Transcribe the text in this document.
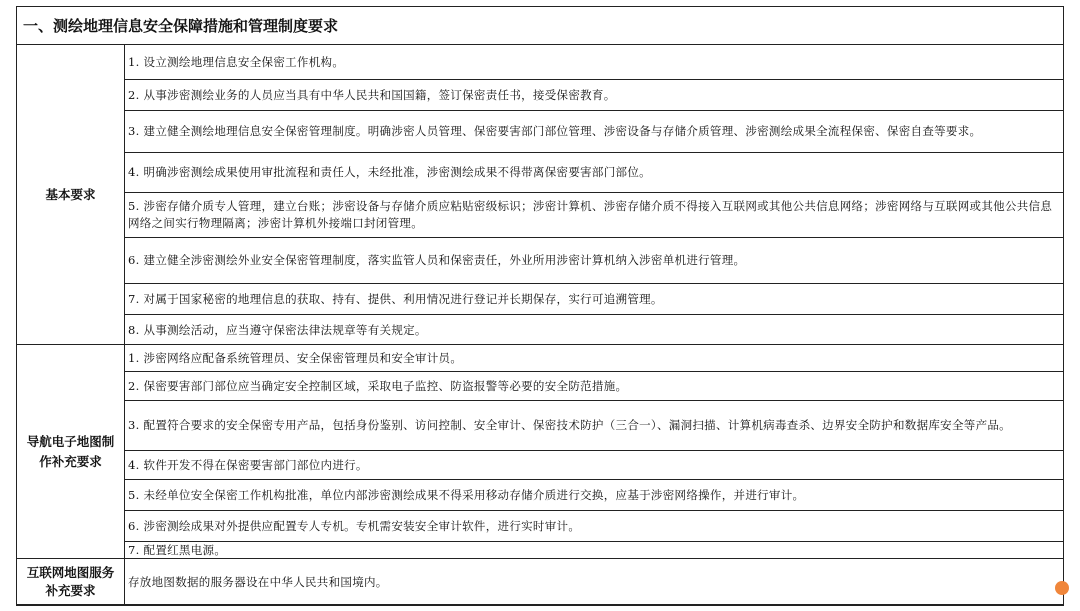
一、测绘地理信息安全保障措施和管理制度要求
基本要求
1. 设立测绘地理信息安全保密工作机构。
2. 从事涉密测绘业务的人员应当具有中华人民共和国国籍，签订保密责任书，接受保密教育。
3. 建立健全测绘地理信息安全保密管理制度。明确涉密人员管理、保密要害部门部位管理、涉密设备与存储介质管理、涉密测绘成果全流程保密、保密自查等要求。
4. 明确涉密测绘成果使用审批流程和责任人，未经批准，涉密测绘成果不得带离保密要害部门部位。
5. 涉密存储介质专人管理，建立台账；涉密设备与存储介质应粘贴密级标识；涉密计算机、涉密存储介质不得接入互联网或其他公共信息网络；涉密网络与互联网或其他公共信息网络之间实行物理隔离；涉密计算机外接端口封闭管理。
6. 建立健全涉密测绘外业安全保密管理制度，落实监管人员和保密责任，外业所用涉密计算机纳入涉密单机进行管理。
7. 对属于国家秘密的地理信息的获取、持有、提供、利用情况进行登记并长期保存，实行可追溯管理。
8. 从事测绘活动，应当遵守保密法律法规章等有关规定。
导航电子地图制作补充要求
1. 涉密网络应配备系统管理员、安全保密管理员和安全审计员。
2. 保密要害部门部位应当确定安全控制区域，采取电子监控、防盗报警等必要的安全防范措施。
3. 配置符合要求的安全保密专用产品，包括身份鉴别、访问控制、安全审计、保密技术防护（三合一）、漏洞扫描、计算机病毒查杀、边界安全防护和数据库安全等产品。
4. 软件开发不得在保密要害部门部位内进行。
5. 未经单位安全保密工作机构批准，单位内部涉密测绘成果不得采用移动存储介质进行交换，应基于涉密网络操作，并进行审计。
6. 涉密测绘成果对外提供应配置专人专机。专机需安装安全审计软件，进行实时审计。
7. 配置红黑电源。
互联网地图服务补充要求
存放地图数据的服务器设在中华人民共和国境内。
